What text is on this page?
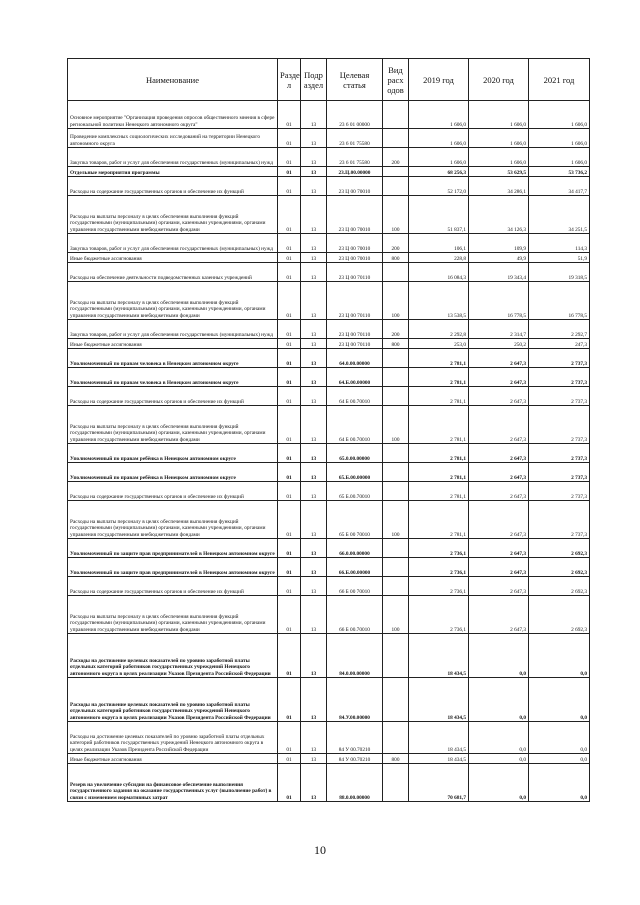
Наименование	Разде л	Подр аздел	Целевая статья	Вид расх одов	2019 год	2020 год	2021 год
Основное мероприятие "Организация проведения опросов общественного мнения в сфере региональной политики Ненецкого автономного округа"	01	13	23 6 01 00000		1 606,0	1 606,0	1 606,0
Проведение комплексных социологических исследований на территории Ненецкого автономного округа	01	13	23 6 01 75580		1 606,0	1 606,0	1 606,0
Закупка товаров, работ и услуг для обеспечения государственных (муниципальных) нужд	01	13	23 6 01 75580	200	1 606,0	1 606,0	1 606,0
Отдельные мероприятия программы	01	13	23.Ц.00.00000		68 256,3	53 629,5	53 736,2
Расходы на содержание государственных органов и обеспечение их функций	01	13	23 Ц 00 70010		52 172,0	34 286,1	34 417,7
Расходы на выплаты персоналу в целях обеспечения выполнения функций государственными (муниципальными) органами, казенными учреждениями, органами управления государственными внебюджетными фондами	01	13	23 Ц 00 70010	100	51 837,1	34 126,3	34 251,5
Закупка товаров, работ и услуг для обеспечения государственных (муниципальных) нужд	01	13	23 Ц 00 70010	200	106,1	109,9	114,3
Иные бюджетные ассигнования	01	13	23 Ц 00 70010	800	228,8	49,9	51,9
Расходы на обеспечение деятельности подведомственных казенных учреждений	01	13	23 Ц 00 70110		16 084,3	19 343,4	19 318,5
Расходы на выплаты персоналу в целях обеспечения выполнения функций государственными (муниципальными) органами, казенными учреждениями, органами управления государственными внебюджетными фондами	01	13	23 Ц 00 70110	100	13 538,5	16 778,5	16 778,5
Закупка товаров, работ и услуг для обеспечения государственных (муниципальных) нужд	01	13	23 Ц 00 70110	200	2 292,8	2 314,7	2 292,7
Иные бюджетные ассигнования	01	13	23 Ц 00 70110	800	253,0	250,2	247,3
Уполномоченный по правам человека в Ненецком автономном округе	01	13	64.0.00.00000		2 781,1	2 647,3	2 737,3
Уполномоченный по правам человека в Ненецком автономном округе	01	13	64.Б.00.00000		2 781,1	2 647,3	2 737,3
Расходы на содержание государственных органов и обеспечение их функций	01	13	64 Б 00.70010		2 781,1	2 647,3	2 737,3
Расходы на выплаты персоналу в целях обеспечения выполнения функций государственными (муниципальными) органами, казенными учреждениями, органами управления государственными внебюджетными фондами	01	13	64 Б 00.70010	100	2 781,1	2 647,3	2 737,3
Уполномоченный по правам ребёнка в Ненецком автономном округе	01	13	65.0.00.00000		2 781,1	2 647,3	2 737,3
Уполномоченный по правам ребёнка в Ненецком автономном округе	01	13	65.Б.00.00000		2 781,1	2 647,3	2 737,3
Расходы на содержание государственных органов и обеспечение их функций	01	13	65 Б.00.70010		2 781,1	2 647,3	2 737,3
Расходы на выплаты персоналу в целях обеспечения выполнения функций государственными (муниципальными) органами, казенными учреждениями, органами управления государственными внебюджетными фондами	01	13	65 Б 00 70010	100	2 781,1	2 647,3	2 737,3
Уполномоченный по защите прав предпринимателей в Ненецком автономном округе	01	13	66.0.00.00000		2 736,1	2 647,3	2 692,3
Уполномоченный по защите прав предпринимателей в Ненецком автономном округе	01	13	66.Б.00.00000		2 736,1	2 647,3	2 692,3
Расходы на содержание государственных органов и обеспечение их функций	01	13	66 Б 00 70010		2 736,1	2 647,3	2 692,3
Расходы на выплаты персоналу в целях обеспечения выполнения функций государственными (муниципальными) органами, казенными учреждениями, органами управления государственными внебюджетными фондами	01	13	66 Б 00.70010	100	2 736,1	2 647,3	2 692,3
Расходы на достижение целевых показателей по уровню заработной платы отдельных категорий работников государственных учреждений Ненецкого автономного округа в целях реализации Указов Президента Российской Федерации	01	13	84.0.00.00000		18 434,5	0,0	0,0
Расходы на достижение целевых показателей по уровню заработной платы отдельных категорий работников государственных учреждений Ненецкого автономного округа в целях реализации Указов Президента Российской Федерации	01	13	84.У.00.00000		18 434,5	0,0	0,0
Расходы на достижение целевых показателей по уровню заработной платы отдельных категорий работников государственных учреждений Ненецкого автономного округа в целях реализации Указов Президента Российской Федерации	01	13	84 У 00.70210		18 434,5	0,0	0,0
Иные бюджетные ассигнования	01	13	84 У 00.70210	800	18 434,5	0,0	0,0
Резерв на увеличение субсидии на финансовое обеспечение выполнения государственного задания на оказание государственных услуг (выполнение работ) в связи с изменением нормативных затрат	01	13	88.0.00.00000		70 681,7	0,0	0,0
10
